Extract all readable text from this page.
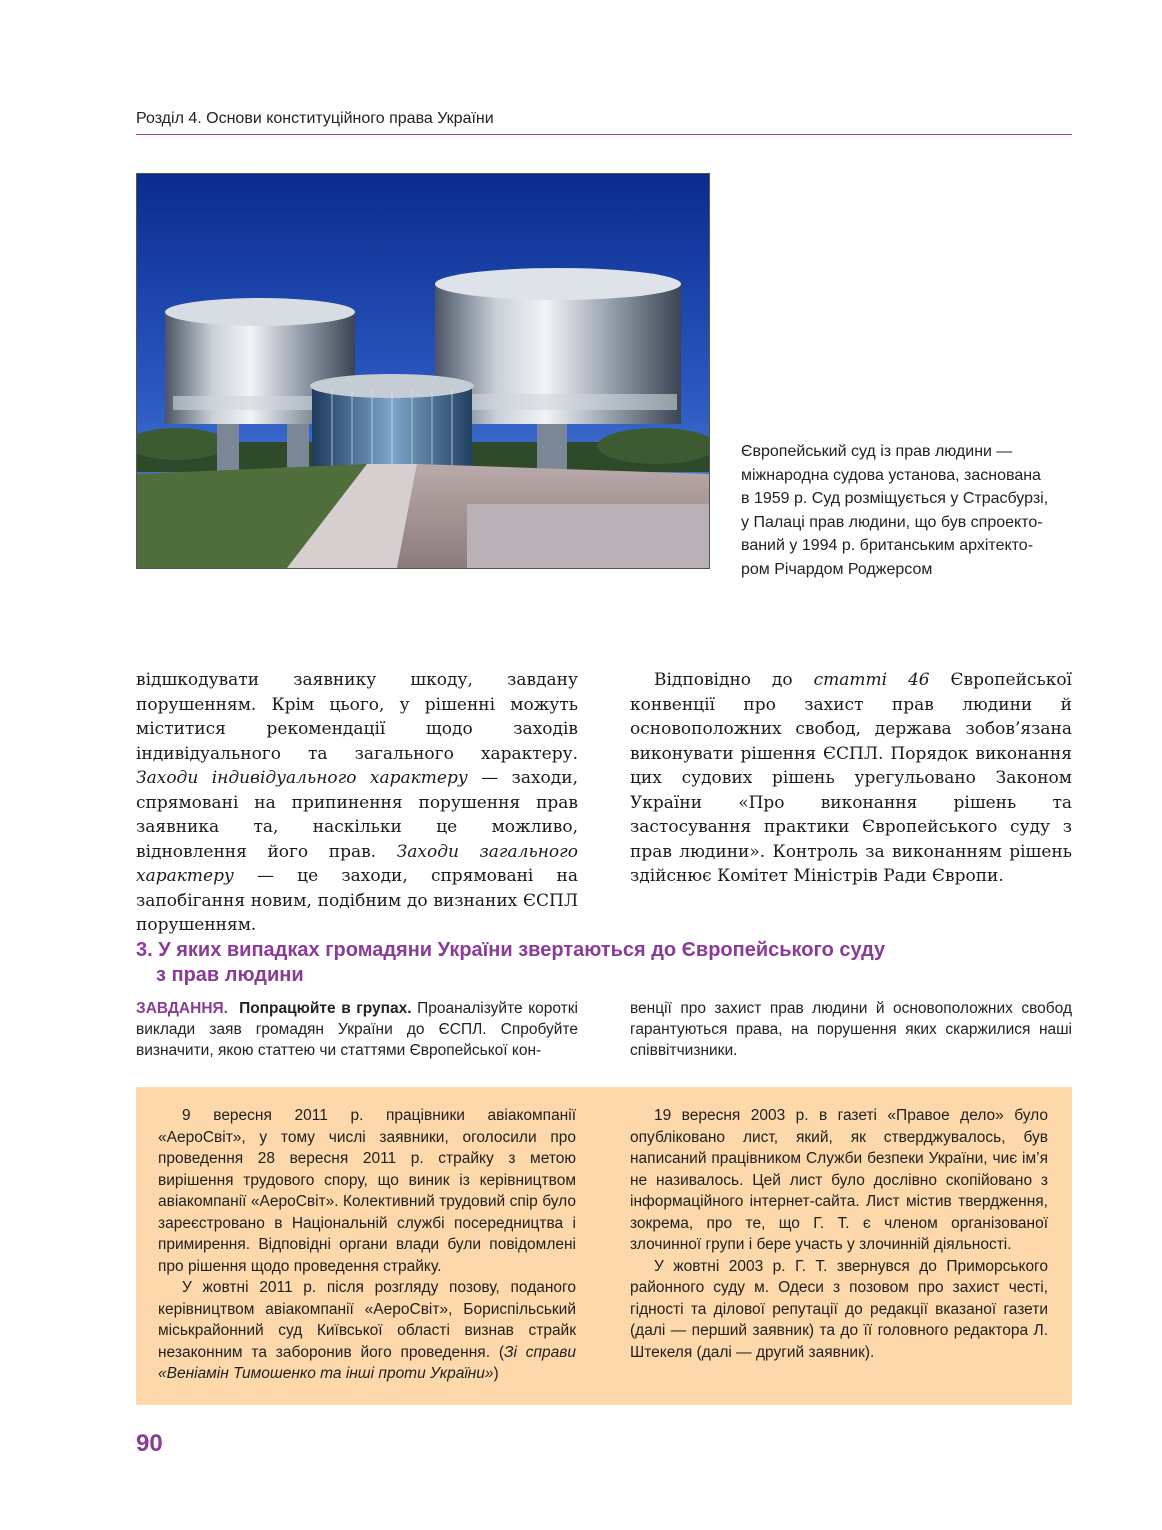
Розділ 4. Основи конституційного права України
Європейський суд із прав людини —
міжнародна судова установа, заснована
в 1959 р. Суд розміщується у Страсбурзі,
у Палаці прав людини, що був спроекто-
ваний у 1994 р. британським архітекто-
ром Річардом Роджерсом

відшкодувати заявнику шкоду, завдану порушенням. Крім цього, у рішенні можуть міститися рекомендації щодо заходів індивідуального та загального характеру. Заходи індивідуального характеру — заходи, спрямовані на припинення порушення прав заявника та, наскільки це можливо, відновлення його прав. Заходи загального характеру — це заходи, спрямовані на запобігання новим, подібним до визнаних ЄСПЛ порушенням.

Відповідно до статті 46 Європейської конвенції про захист прав людини й основоположних свобод, держава зобов’язана виконувати рішення ЄСПЛ. Порядок виконання цих судових рішень урегульовано Законом України «Про виконання рішень та застосування практики Європейського суду з прав людини». Контроль за виконанням рішень здійснює Комітет Міністрів Ради Європи.

3. У яких випадках громадяни України звертаються до Європейського суду
з прав людини
ЗАВДАННЯ. Попрацюйте в групах. Проаналізуйте короткі виклади заяв громадян України до ЄСПЛ. Спробуйте визначити, якою статтею чи статтями Європейської кон-
венції про захист прав людини й основоположних свобод гарантуються права, на порушення яких скаржилися наші співвітчизники.

9 вересня 2011 р. працівники авіакомпанії «АероСвіт», у тому числі заявники, оголосили про проведення 28 вересня 2011 р. страйку з метою вирішення трудового спору, що виник із керівництвом авіакомпанії «АероСвіт». Колективний трудовий спір було зареєстровано в Національній службі посередництва і примирення. Відповідні органи влади були повідомлені про рішення щодо проведення страйку.

У жовтні 2011 р. після розгляду позову, поданого керівництвом авіакомпанії «АероСвіт», Бориспільський міськрайонний суд Київської області визнав страйк незаконним та заборонив його проведення. (Зі справи «Веніамін Тимошенко та інші проти України»)

19 вересня 2003 р. в газеті «Правое дело» було опубліковано лист, який, як стверджувалось, був написаний працівником Служби безпеки України, чиє ім’я не називалось. Цей лист було дослівно скопійовано з інформаційного інтернет-сайта. Лист містив твердження, зокрема, про те, що Г. Т. є членом організованої злочинної групи і бере участь у злочинній діяльності.

У жовтні 2003 р. Г. Т. звернувся до Приморського районного суду м. Одеси з позовом про захист честі, гідності та ділової репутації до редакції вказаної газети (далі — перший заявник) та до її головного редактора Л. Штекеля (далі — другий заявник).

90
